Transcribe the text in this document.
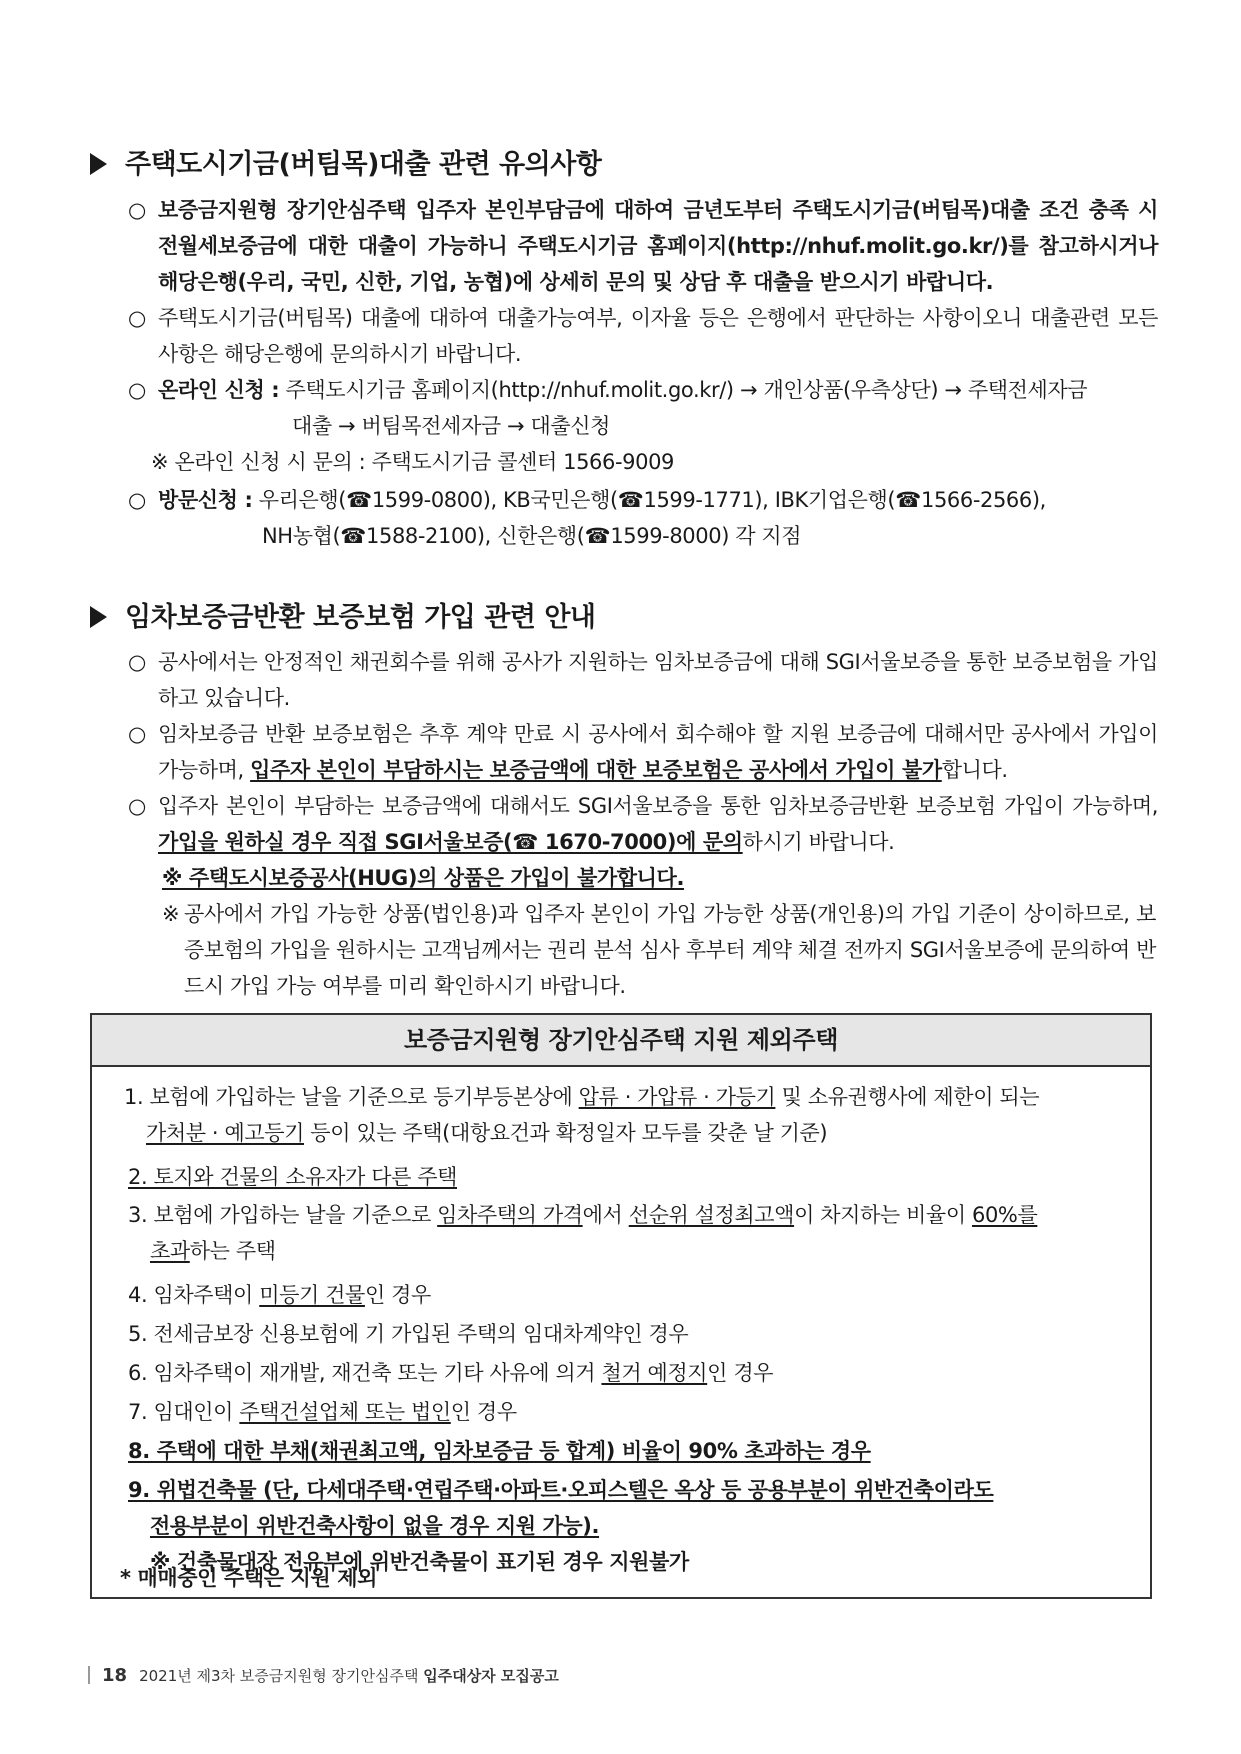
주택도시기금(버팀목)대출 관련 유의사항
○ 보증금지원형 장기안심주택 입주자 본인부담금에 대하여 금년도부터 주택도시기금(버팀목)대출 조건 충족 시 전월세보증금에 대한 대출이 가능하니 주택도시기금 홈페이지(http://nhuf.molit.go.kr/)를 참고하시거나 해당은행(우리, 국민, 신한, 기업, 농협)에 상세히 문의 및 상담 후 대출을 받으시기 바랍니다.
○ 주택도시기금(버팀목) 대출에 대하여 대출가능여부, 이자율 등은 은행에서 판단하는 사항이오니 대출관련 모든 사항은 해당은행에 문의하시기 바랍니다.
○ 온라인 신청 : 주택도시기금 홈페이지(http://nhuf.molit.go.kr/) → 개인상품(우측상단) → 주택전세자금
대출 → 버팀목전세자금 → 대출신청
※ 온라인 신청 시 문의 : 주택도시기금 콜센터 1566-9009
○ 방문신청 : 우리은행(☎1599-0800), KB국민은행(☎1599-1771), IBK기업은행(☎1566-2566),
NH농협(☎1588-2100), 신한은행(☎1599-8000) 각 지점
임차보증금반환 보증보험 가입 관련 안내
○ 공사에서는 안정적인 채권회수를 위해 공사가 지원하는 임차보증금에 대해 SGI서울보증을 통한 보증보험을 가입하고 있습니다.
○ 임차보증금 반환 보증보험은 추후 계약 만료 시 공사에서 회수해야 할 지원 보증금에 대해서만 공사에서 가입이 가능하며, 입주자 본인이 부담하시는 보증금액에 대한 보증보험은 공사에서 가입이 불가합니다.
○ 입주자 본인이 부담하는 보증금액에 대해서도 SGI서울보증을 통한 임차보증금반환 보증보험 가입이 가능하며, 가입을 원하실 경우 직접 SGI서울보증(☎ 1670-7000)에 문의하시기 바랍니다.
※ 주택도시보증공사(HUG)의 상품은 가입이 불가합니다.
※ 공사에서 가입 가능한 상품(법인용)과 입주자 본인이 가입 가능한 상품(개인용)의 가입 기준이 상이하므로, 보증보험의 가입을 원하시는 고객님께서는 권리 분석 심사 후부터 계약 체결 전까지 SGI서울보증에 문의하여 반드시 가입 가능 여부를 미리 확인하시기 바랍니다.
보증금지원형 장기안심주택 지원 제외주택
1. 보험에 가입하는 날을 기준으로 등기부등본상에 압류 · 가압류 · 가등기 및 소유권행사에 제한이 되는
가처분 · 예고등기 등이 있는 주택(대항요건과 확정일자 모두를 갖춘 날 기준)
2. 토지와 건물의 소유자가 다른 주택
3. 보험에 가입하는 날을 기준으로 임차주택의 가격에서 선순위 설정최고액이 차지하는 비율이 60%를
초과하는 주택
4. 임차주택이 미등기 건물인 경우
5. 전세금보장 신용보험에 기 가입된 주택의 임대차계약인 경우
6. 임차주택이 재개발, 재건축 또는 기타 사유에 의거 철거 예정지인 경우
7. 임대인이 주택건설업체 또는 법인인 경우
8. 주택에 대한 부채(채권최고액, 임차보증금 등 합계) 비율이 90% 초과하는 경우
9. 위법건축물 (단, 다세대주택·연립주택·아파트·오피스텔은 옥상 등 공용부분이 위반건축이라도
전용부분이 위반건축사항이 없을 경우 지원 가능).
※ 건축물대장 전유부에 위반건축물이 표기된 경우 지원불가
* 매매중인 주택은 지원 제외
18 2021년 제3차 보증금지원형 장기안심주택 입주대상자 모집공고
